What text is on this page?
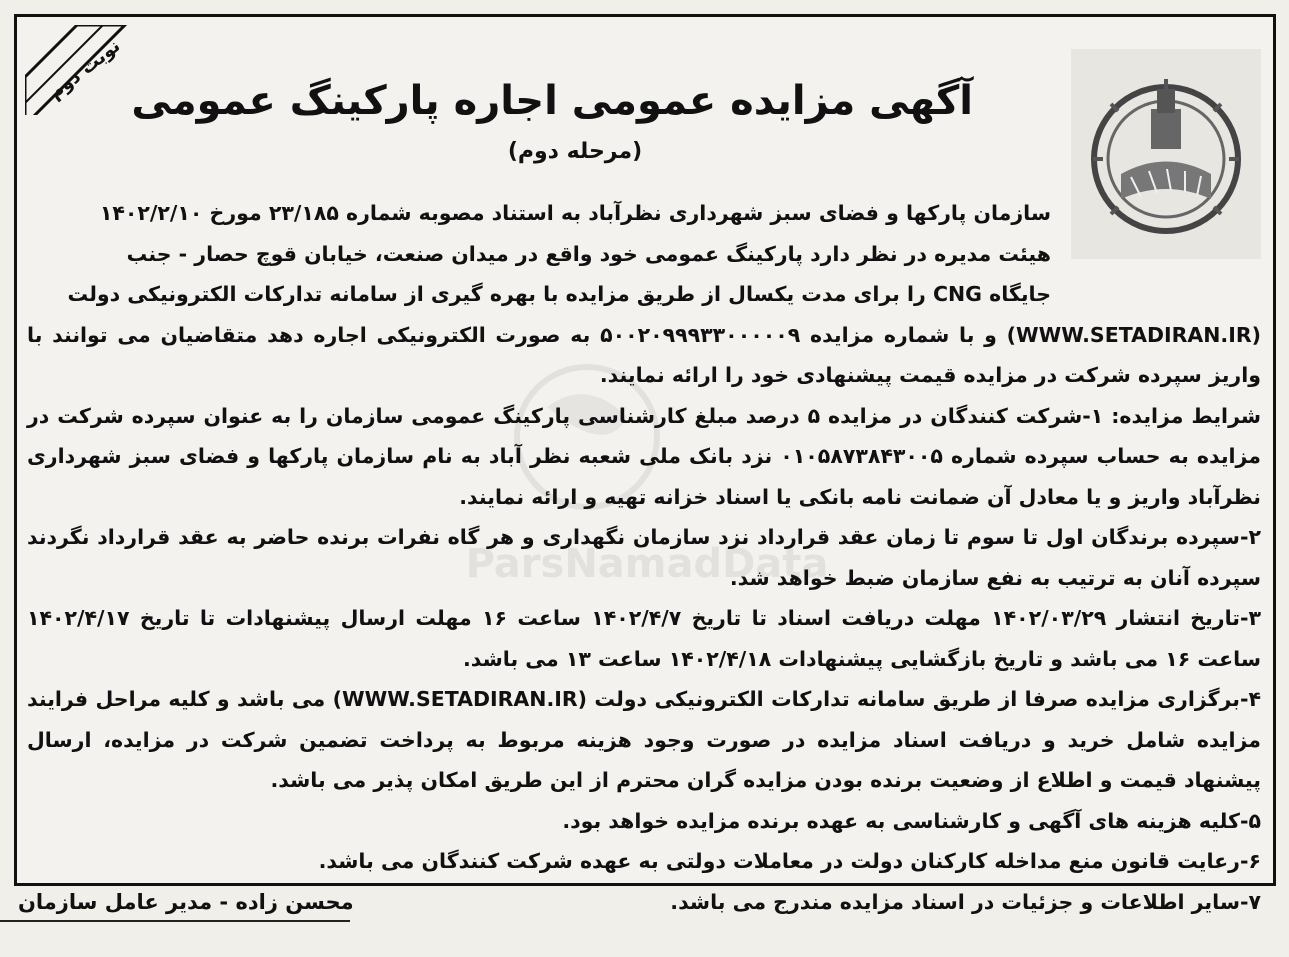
نوبت دوم آگهی مزایده عمومی اجاره پارکینگ عمومی
(مرحله دوم)
ParsNamadData
سازمان پارکها و فضای سبز شهرداری نظرآباد به استناد مصوبه شماره ۲۳/۱۸۵ مورخ ۱۴۰۲/۲/۱۰
هیئت مدیره در نظر دارد پارکینگ عمومی خود واقع در میدان صنعت، خیابان قوچ حصار - جنب
جایگاه CNG را برای مدت یکسال از طریق مزایده با بهره گیری از سامانه تدارکات الکترونیکی دولت

(WWW.SETADIRAN.IR) و با شماره مزایده ۵۰۰۲۰۹۹۹۳۳۰۰۰۰۰۹ به صورت الکترونیکی اجاره دهد متقاضیان می توانند با واریز سپرده شرکت در مزایده قیمت پیشنهادی خود را ارائه نمایند.

شرایط مزایده: ۱-شرکت کنندگان در مزایده ۵ درصد مبلغ کارشناسی پارکینگ عمومی سازمان را به عنوان سپرده شرکت در مزایده به حساب سپرده شماره ۰۱۰۵۸۷۳۸۴۳۰۰۵ نزد بانک ملی شعبه نظر آباد به نام سازمان پارکها و فضای سبز شهرداری نظرآباد واریز و یا معادل آن ضمانت نامه بانکی یا اسناد خزانه تهیه و ارائه نمایند.

۲-سپرده برندگان اول تا سوم تا زمان عقد قرارداد نزد سازمان نگهداری و هر گاه نفرات برنده حاضر به عقد قرارداد نگردند سپرده آنان به ترتیب به نفع سازمان ضبط خواهد شد.

۳-تاریخ انتشار ۱۴۰۲/۰۳/۲۹ مهلت دریافت اسناد تا تاریخ ۱۴۰۲/۴/۷ ساعت ۱۶ مهلت ارسال پیشنهادات تا تاریخ ۱۴۰۲/۴/۱۷ ساعت ۱۶ می باشد و تاریخ بازگشایی پیشنهادات ۱۴۰۲/۴/۱۸ ساعت ۱۳ می باشد.

۴-برگزاری مزایده صرفا از طریق سامانه تدارکات الکترونیکی دولت (WWW.SETADIRAN.IR) می باشد و کلیه مراحل فرایند مزایده شامل خرید و دریافت اسناد مزایده در صورت وجود هزینه مربوط به پرداخت تضمین شرکت در مزایده، ارسال پیشنهاد قیمت و اطلاع از وضعیت برنده بودن مزایده گران محترم از این طریق امکان پذیر می باشد.

۵-کلیه هزینه های آگهی و کارشناسی به عهده برنده مزایده خواهد بود.

۶-رعایت قانون منع مداخله کارکنان دولت در معاملات دولتی به عهده شرکت کنندگان می باشد.

۷-سایر اطلاعات و جزئیات در اسناد مزایده مندرج می باشد.

محسن زاده - مدیر عامل سازمان
